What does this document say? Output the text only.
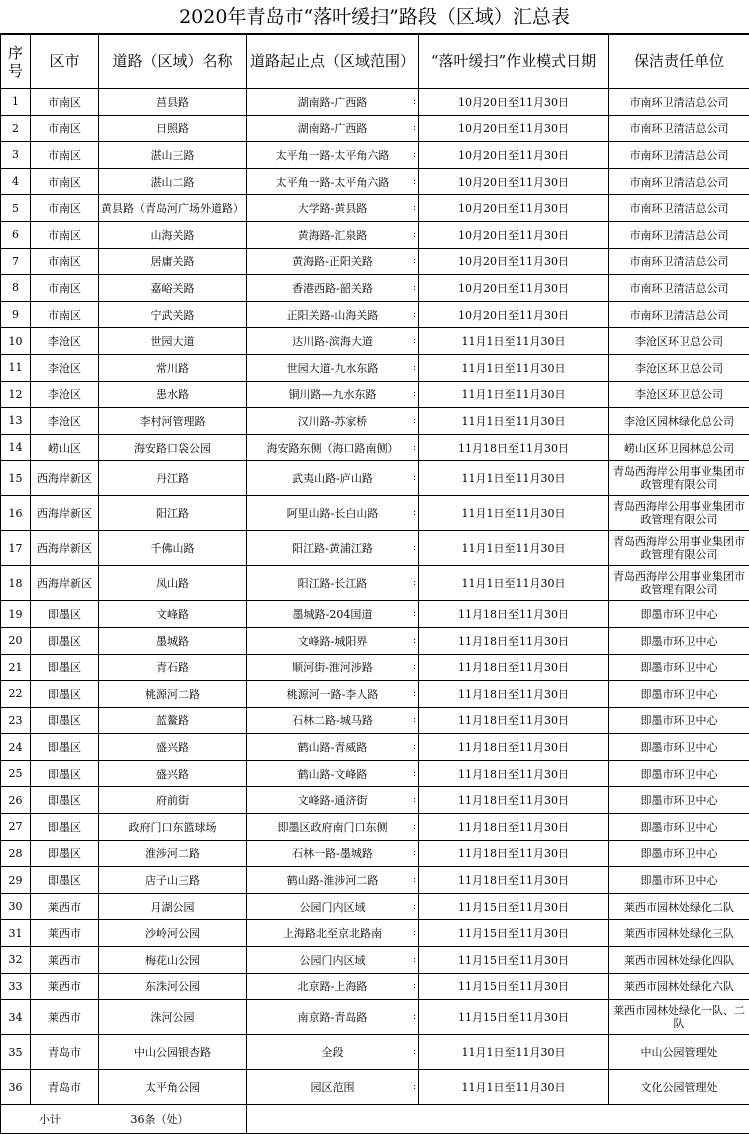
2020年青岛市“落叶缓扫”路段（区域）汇总表
序号	区市	道路（区域）名称	道路起止点（区域范围）	“落叶缓扫”作业模式日期	保洁责任单位
1	市南区	莒县路	湖南路-广西路 :	10月20日至11月30日	市南环卫清洁总公司
2	市南区	日照路	湖南路-广西路 :	10月20日至11月30日	市南环卫清洁总公司
3	市南区	湛山三路	太平角一路-太平角六路 :	10月20日至11月30日	市南环卫清洁总公司
4	市南区	湛山二路	太平角一路-太平角六路 :	10月20日至11月30日	市南环卫清洁总公司
5	市南区	黄县路（青岛河广场外道路）	大学路-黄县路 :	10月20日至11月30日	市南环卫清洁总公司
6	市南区	山海关路	黄海路-汇泉路 :	10月20日至11月30日	市南环卫清洁总公司
7	市南区	居庸关路	黄海路-正阳关路 :	10月20日至11月30日	市南环卫清洁总公司
8	市南区	嘉峪关路	香港西路-韶关路 :	10月20日至11月30日	市南环卫清洁总公司
9	市南区	宁武关路	正阳关路-山海关路 :	10月20日至11月30日	市南环卫清洁总公司
10	李沧区	世园大道	达川路-滨海大道 :	11月1日至11月30日	李沧区环卫总公司
11	李沧区	常川路	世园大道-九水东路 :	11月1日至11月30日	李沧区环卫总公司
12	李沧区	患水路	铜川路—九水东路 :	11月1日至11月30日	李沧区环卫总公司
13	李沧区	李村河管理路	汉川路-苏家桥 :	11月1日至11月30日	李沧区园林绿化总公司
14	崂山区	海安路口袋公园	海安路东侧（海口路南侧） :	11月18日至11月30日	崂山区环卫园林总公司
15	西海岸新区	丹江路	武夷山路-庐山路 :	11月1日至11月30日	青岛西海岸公用事业集团市政管理有限公司
16	西海岸新区	阳江路	阿里山路-长白山路 :	11月1日至11月30日	青岛西海岸公用事业集团市政管理有限公司
17	西海岸新区	千佛山路	阳江路-黄浦江路 :	11月1日至11月30日	青岛西海岸公用事业集团市政管理有限公司
18	西海岸新区	凤山路	阳江路-长江路 :	11月1日至11月30日	青岛西海岸公用事业集团市政管理有限公司
19	即墨区	文峰路	墨城路-204国道 :	11月18日至11月30日	即墨市环卫中心
20	即墨区	墨城路	文峰路-城阳界 :	11月18日至11月30日	即墨市环卫中心
21	即墨区	青石路	顺河街-淮河涉路 :	11月18日至11月30日	即墨市环卫中心
22	即墨区	桃源河二路	桃源河一路-李人路 :	11月18日至11月30日	即墨市环卫中心
23	即墨区	蓝鳌路	石林二路-城马路 :	11月18日至11月30日	即墨市环卫中心
24	即墨区	盛兴路	鹤山路-青威路 :	11月18日至11月30日	即墨市环卫中心
25	即墨区	盛兴路	鹤山路-文峰路 :	11月18日至11月30日	即墨市环卫中心
26	即墨区	府前街	文峰路-通济街 :	11月18日至11月30日	即墨市环卫中心
27	即墨区	政府门口东篮球场	即墨区政府南门口东侧 :	11月18日至11月30日	即墨市环卫中心
28	即墨区	淮涉河二路	石林一路-墨城路 :	11月18日至11月30日	即墨市环卫中心
29	即墨区	店子山三路	鹤山路-淮涉河二路 :	11月18日至11月30日	即墨市环卫中心
30	莱西市	月湖公园	公园门内区域 :	11月15日至11月30日	莱西市园林处绿化二队
31	莱西市	沙岭河公园	上海路北至京北路南 :	11月15日至11月30日	莱西市园林处绿化三队
32	莱西市	梅花山公园	公园门内区域 :	11月15日至11月30日	莱西市园林处绿化四队
33	莱西市	东洙河公园	北京路-上海路 :	11月15日至11月30日	莱西市园林处绿化六队
34	莱西市	洙河公园	南京路-青岛路 :	11月15日至11月30日	莱西市园林处绿化一队、二队
35	青岛市	中山公园银杏路	全段 :	11月1日至11月30日	中山公园管理处
36	青岛市	太平角公园	园区范围 :	11月1日至11月30日	文化公园管理处
小计 36条（处）					
